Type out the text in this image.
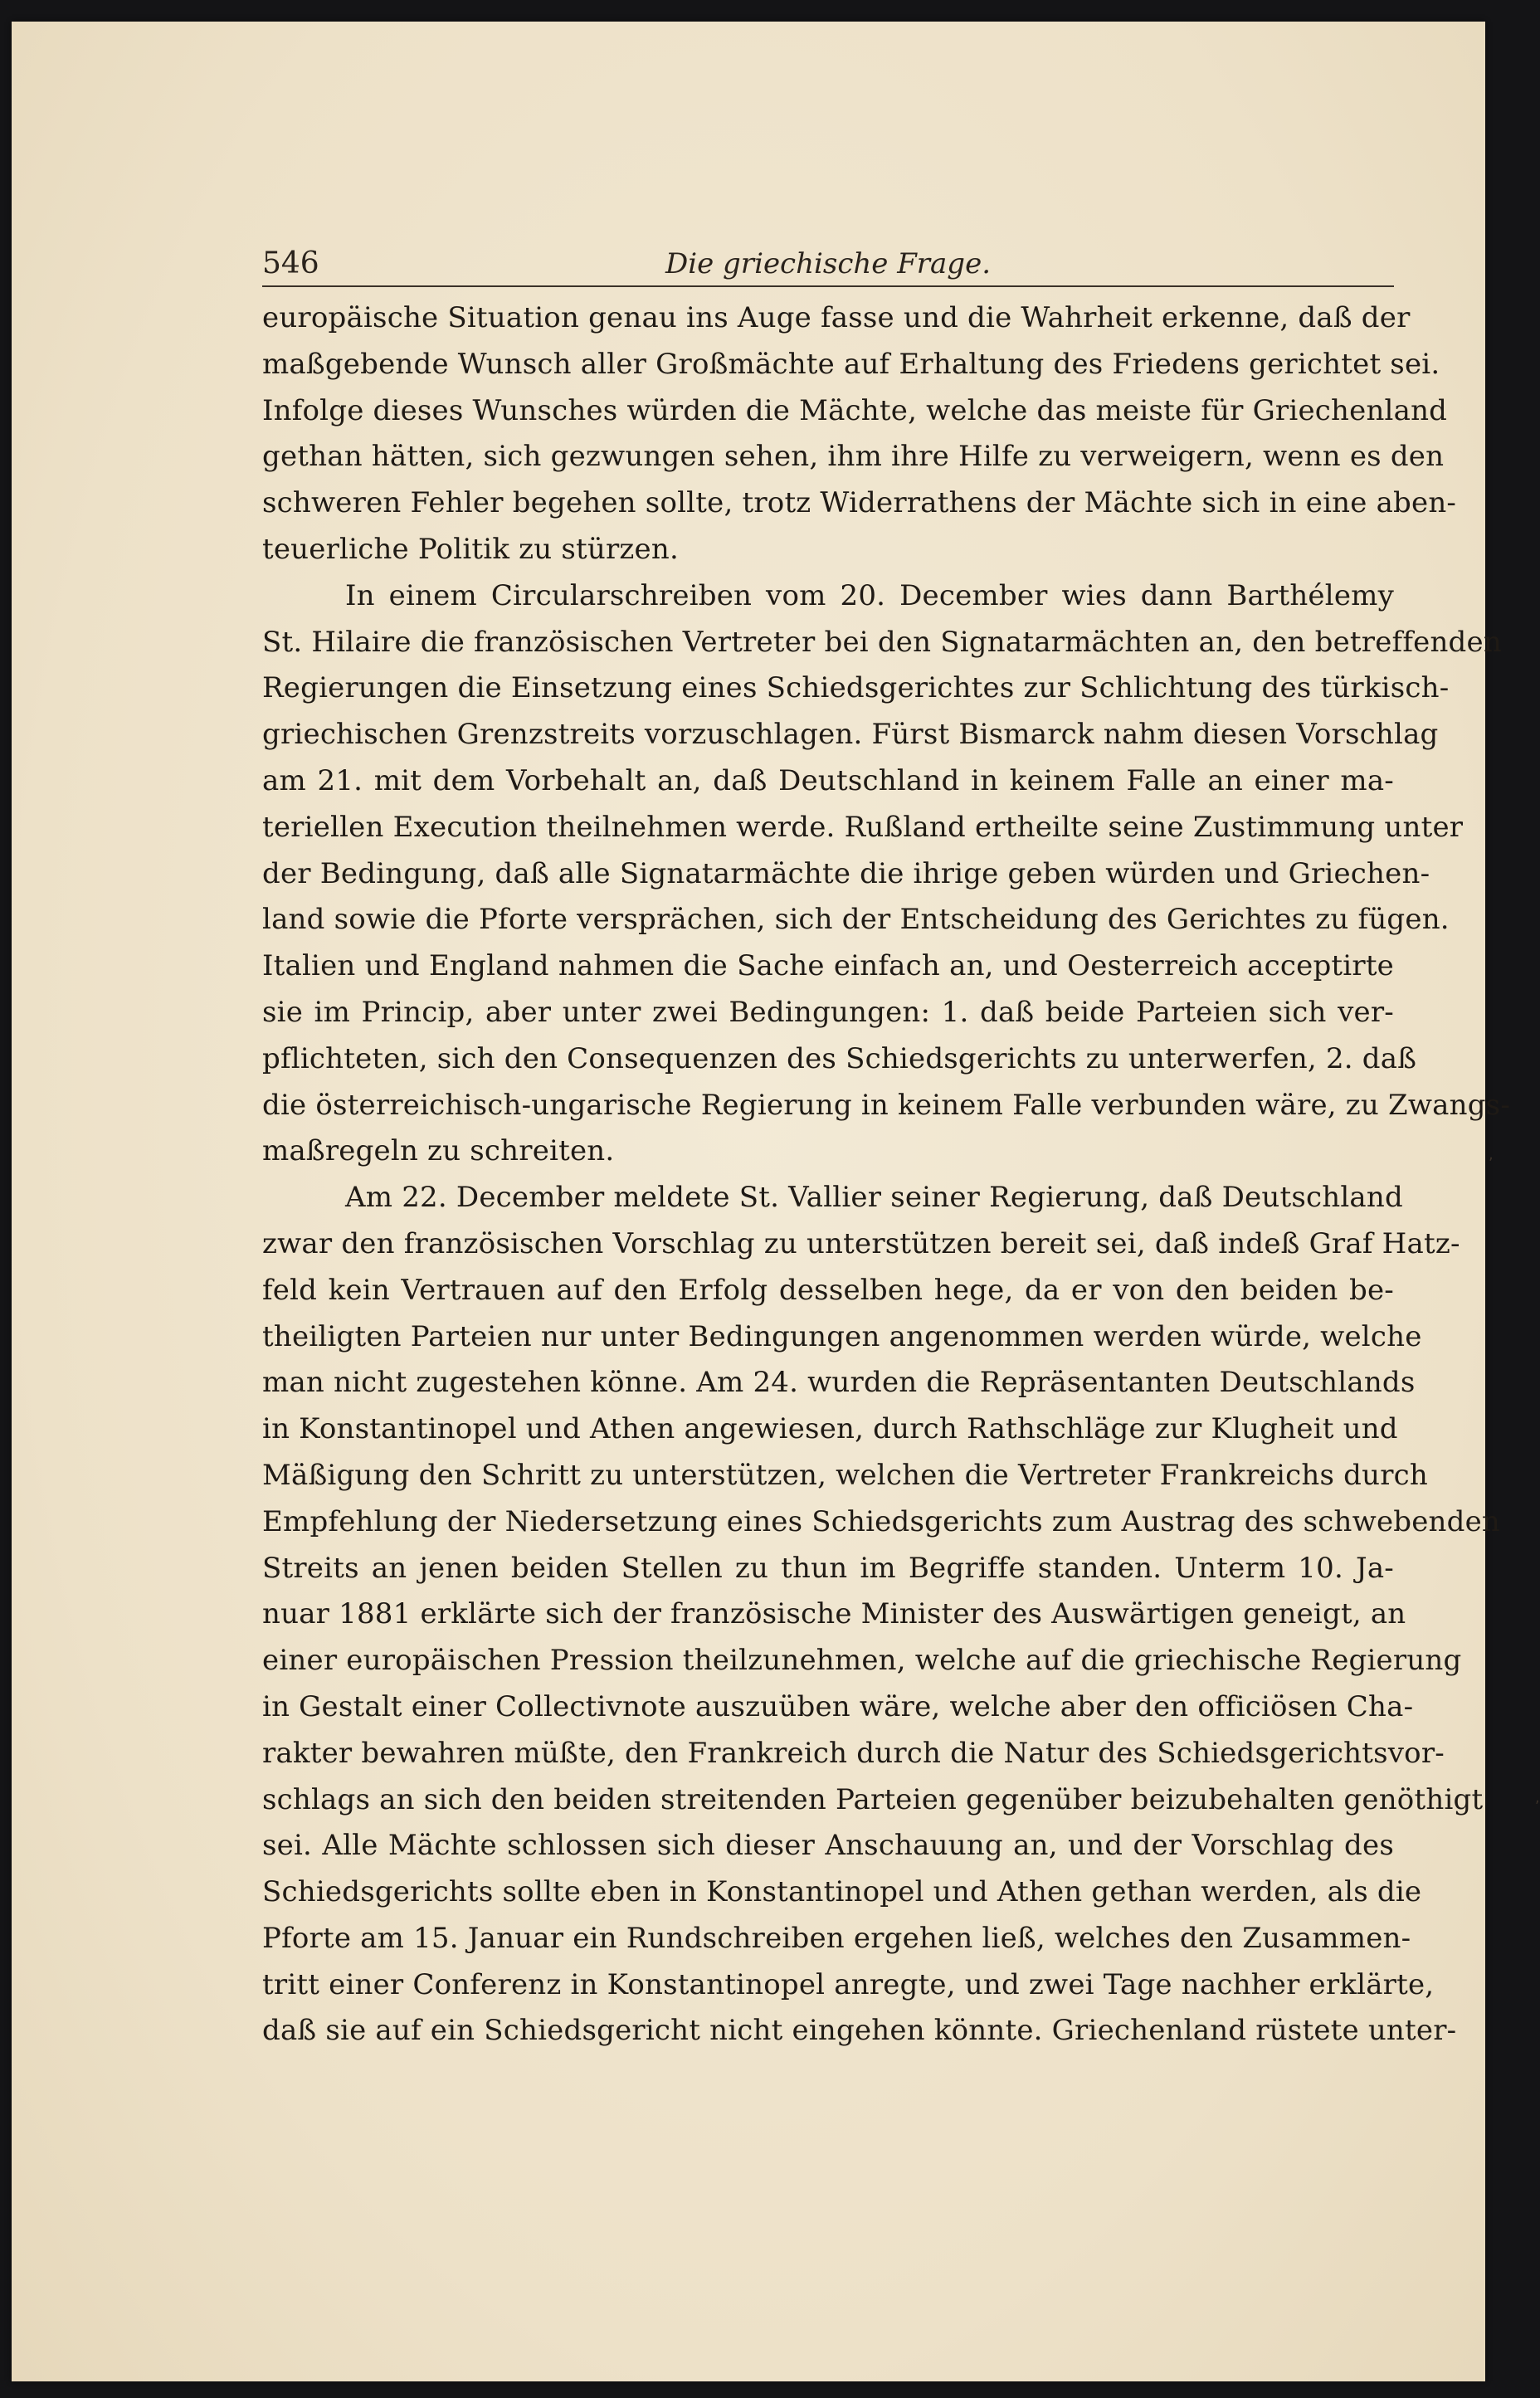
546	Die griechische Frage.
europäische Situation genau ins Auge fasse und die Wahrheit erkenne, daß der
maßgebende Wunsch aller Großmächte auf Erhaltung des Friedens gerichtet sei.
Infolge dieses Wunsches würden die Mächte, welche das meiste für Griechenland
gethan hätten, sich gezwungen sehen, ihm ihre Hilfe zu verweigern, wenn es den
schweren Fehler begehen sollte, trotz Widerrathens der Mächte sich in eine aben-
teuerliche Politik zu stürzen.
In einem Circularschreiben vom 20. December wies dann Barthélemy
St. Hilaire die französischen Vertreter bei den Signatarmächten an, den betreffenden
Regierungen die Einsetzung eines Schiedsgerichtes zur Schlichtung des türkisch-
griechischen Grenzstreits vorzuschlagen. Fürst Bismarck nahm diesen Vorschlag
am 21. mit dem Vorbehalt an, daß Deutschland in keinem Falle an einer ma-
teriellen Execution theilnehmen werde. Rußland ertheilte seine Zustimmung unter
der Bedingung, daß alle Signatarmächte die ihrige geben würden und Griechen-
land sowie die Pforte versprächen, sich der Entscheidung des Gerichtes zu fügen.
Italien und England nahmen die Sache einfach an, und Oesterreich acceptirte
sie im Princip, aber unter zwei Bedingungen: 1. daß beide Parteien sich ver-
pflichteten, sich den Consequenzen des Schiedsgerichts zu unterwerfen, 2. daß
die österreichisch-ungarische Regierung in keinem Falle verbunden wäre, zu Zwangs-
maßregeln zu schreiten.
Am 22. December meldete St. Vallier seiner Regierung, daß Deutschland
zwar den französischen Vorschlag zu unterstützen bereit sei, daß indeß Graf Hatz-
feld kein Vertrauen auf den Erfolg desselben hege, da er von den beiden be-
theiligten Parteien nur unter Bedingungen angenommen werden würde, welche
man nicht zugestehen könne. Am 24. wurden die Repräsentanten Deutschlands
in Konstantinopel und Athen angewiesen, durch Rathschläge zur Klugheit und
Mäßigung den Schritt zu unterstützen, welchen die Vertreter Frankreichs durch
Empfehlung der Niedersetzung eines Schiedsgerichts zum Austrag des schwebenden
Streits an jenen beiden Stellen zu thun im Begriffe standen. Unterm 10. Ja-
nuar 1881 erklärte sich der französische Minister des Auswärtigen geneigt, an
einer europäischen Pression theilzunehmen, welche auf die griechische Regierung
in Gestalt einer Collectivnote auszuüben wäre, welche aber den officiösen Cha-
rakter bewahren müßte, den Frankreich durch die Natur des Schiedsgerichtsvor-
schlags an sich den beiden streitenden Parteien gegenüber beizubehalten genöthigt
sei. Alle Mächte schlossen sich dieser Anschauung an, und der Vorschlag des
Schiedsgerichts sollte eben in Konstantinopel und Athen gethan werden, als die
Pforte am 15. Januar ein Rundschreiben ergehen ließ, welches den Zusammen-
tritt einer Conferenz in Konstantinopel anregte, und zwei Tage nachher erklärte,
daß sie auf ein Schiedsgericht nicht eingehen könnte. Griechenland rüstete unter-
,
,
